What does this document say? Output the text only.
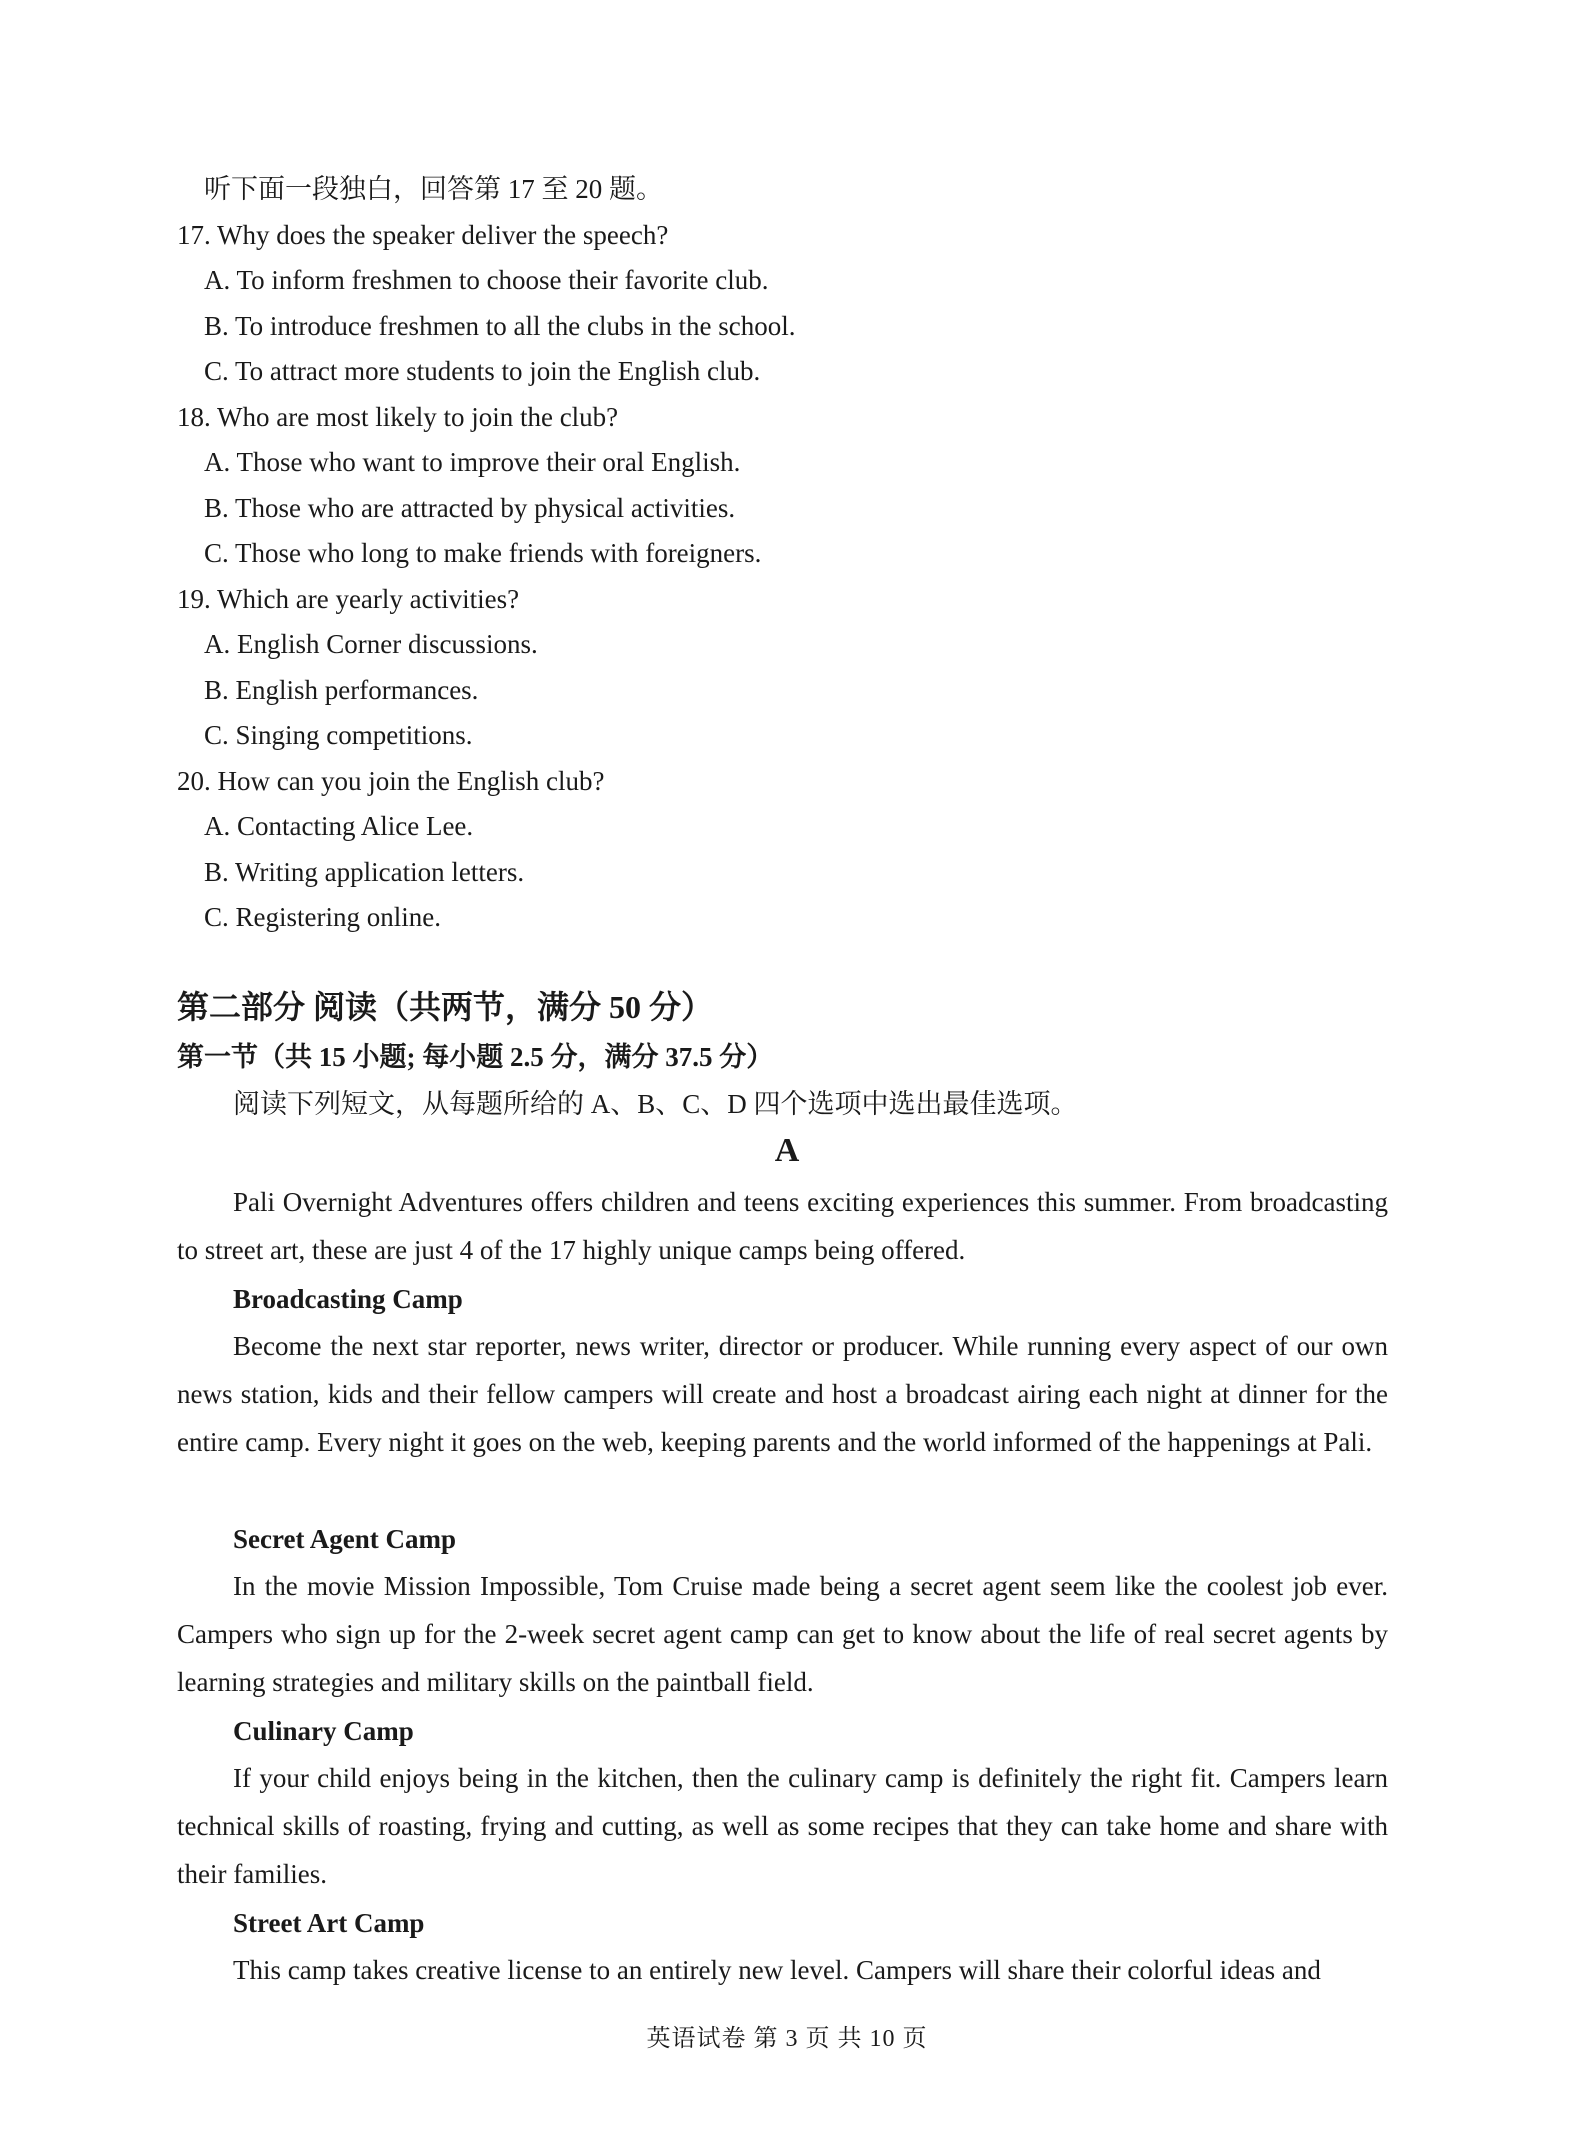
听下面一段独白，回答第 17 至 20 题。
17. Why does the speaker deliver the speech?
A. To inform freshmen to choose their favorite club.
B. To introduce freshmen to all the clubs in the school.
C. To attract more students to join the English club.
18. Who are most likely to join the club?
A. Those who want to improve their oral English.
B. Those who are attracted by physical activities.
C. Those who long to make friends with foreigners.
19. Which are yearly activities?
A. English Corner discussions.
B. English performances.
C. Singing competitions.
20. How can you join the English club?
A. Contacting Alice Lee.
B. Writing application letters.
C. Registering online.
第二部分 阅读（共两节，满分 50 分）
第一节（共 15 小题; 每小题 2.5 分，满分 37.5 分）
阅读下列短文，从每题所给的 A、B、C、D 四个选项中选出最佳选项。
A
Pali Overnight Adventures offers children and teens exciting experiences this summer. From broadcasting to street art, these are just 4 of the 17 highly unique camps being offered.
Broadcasting Camp
Become the next star reporter, news writer, director or producer. While running every aspect of our own news station, kids and their fellow campers will create and host a broadcast airing each night at dinner for the entire camp. Every night it goes on the web, keeping parents and the world informed of the happenings at Pali.
Secret Agent Camp
In the movie Mission Impossible, Tom Cruise made being a secret agent seem like the coolest job ever. Campers who sign up for the 2-week secret agent camp can get to know about the life of real secret agents by learning strategies and military skills on the paintball field.
Culinary Camp
If your child enjoys being in the kitchen, then the culinary camp is definitely the right fit. Campers learn technical skills of roasting, frying and cutting, as well as some recipes that they can take home and share with their families.
Street Art Camp
This camp takes creative license to an entirely new level. Campers will share their colorful ideas and
英语试卷 第 3 页 共 10 页
